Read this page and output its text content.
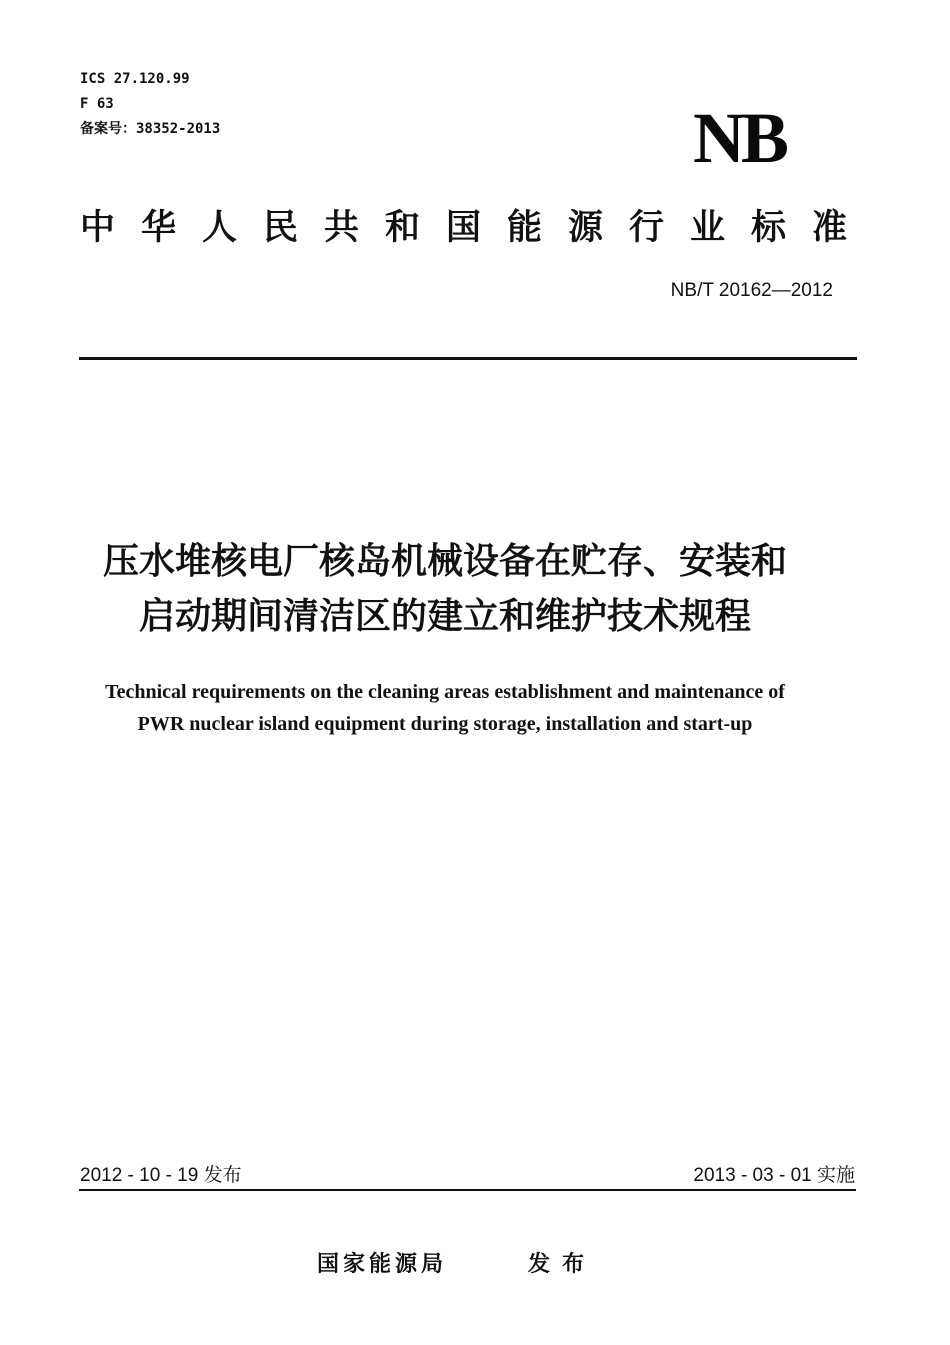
ICS 27.120.99
F 63
备案号：38352-2013	NB
中华人民共和国能源行业标准
NB/T 20162—2012
压水堆核电厂核岛机械设备在贮存、安装和
启动期间清洁区的建立和维护技术规程
Technical requirements on the cleaning areas establishment and maintenance of
PWR nuclear island equipment during storage, installation and start-up
2012 - 10 - 19 发布	2013 - 03 - 01 实施
国家能源局	发布
